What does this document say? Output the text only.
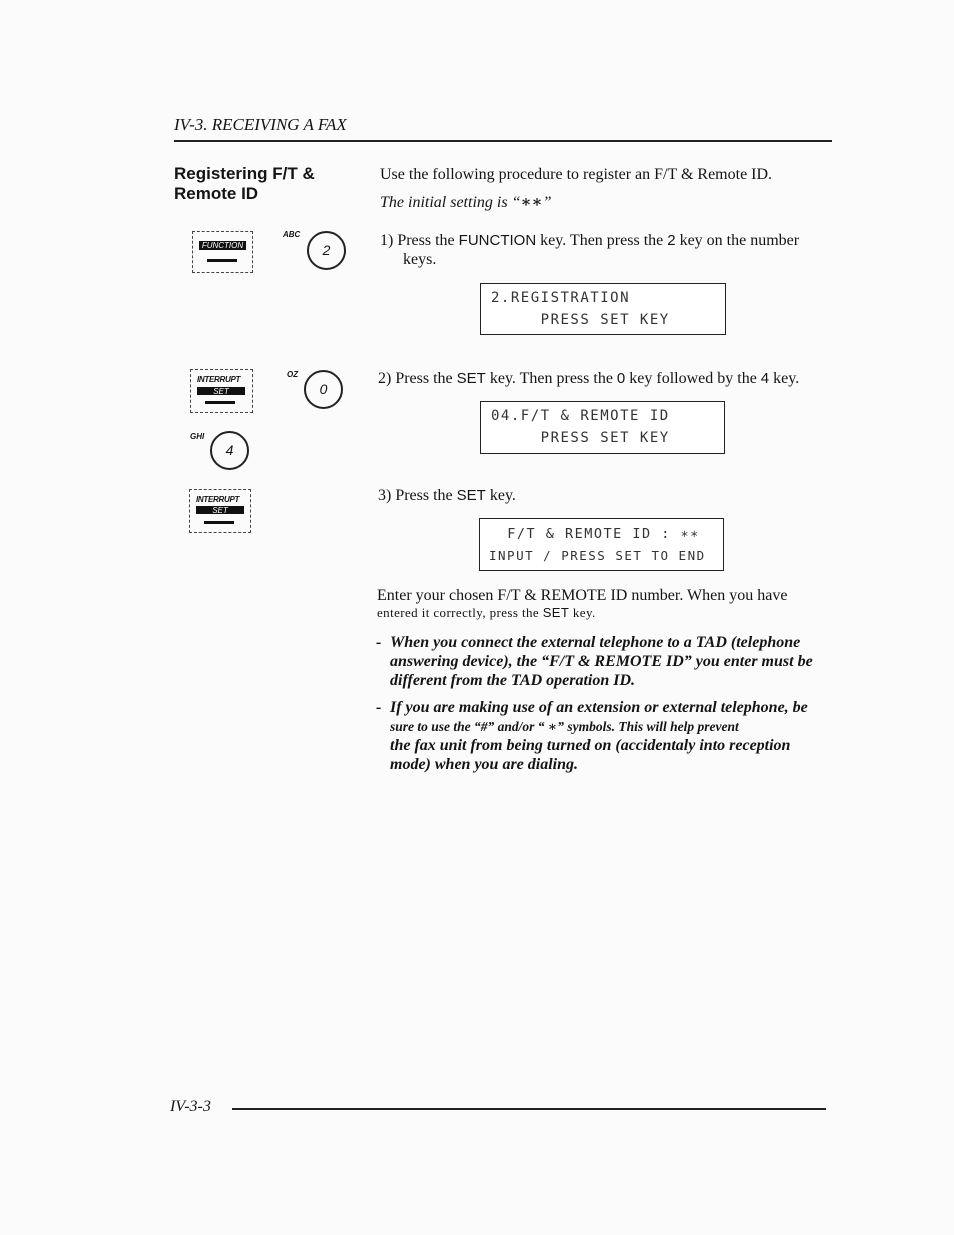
IV-3. RECEIVING A FAX
Registering F/T &
Remote ID
Use the following procedure to register an F/T & Remote ID.
The initial setting is “∗∗”
FUNCTION
ABC
2
1) Press the FUNCTION key. Then press the 2 key on the number
keys.
2.REGISTRATION
PRESS SET KEY
INTERRUPT
SET
OZ
0
GHI
4
2) Press the SET key. Then press the 0 key followed by the 4 key.
04.F/T & REMOTE ID
PRESS SET KEY
INTERRUPT
SET
3) Press the SET key.
F/T & REMOTE ID : ∗∗
INPUT / PRESS SET TO END
Enter your chosen F/T & REMOTE ID number. When you have
entered it correctly, press the SET key.
- When you connect the external telephone to a TAD (telephone
answering device), the “F/T & REMOTE ID” you enter must be
different from the TAD operation ID.
- If you are making use of an extension or external telephone, be
sure to use the “#” and/or “ ∗” symbols. This will help prevent
the fax unit from being turned on (accidentaly into reception
mode) when you are dialing.
IV-3-3
